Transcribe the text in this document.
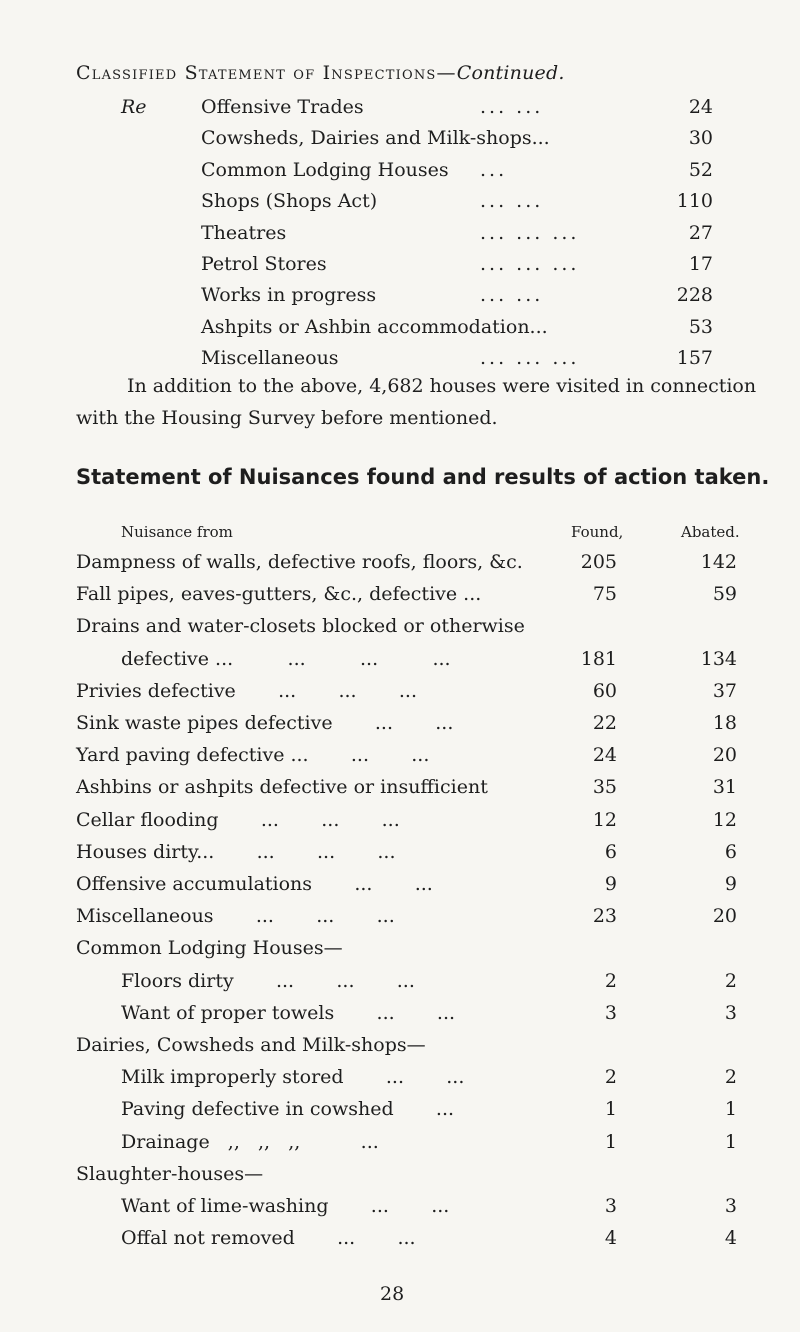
Classified Statement of Inspections—Continued.
Re	Offensive Trades	... ...	24
Cowsheds, Dairies and Milk-shops...	30
Common Lodging Houses ...	52
Shops (Shops Act)	... ...	110
Theatres	... ... ...	27
Petrol Stores	... ... ...	17
Works in progress	... ...	228
Ashpits or Ashbin accommodation...	53
Miscellaneous	... ... ...	157
In addition to the above, 4,682 houses were visited in connection
with the Housing Survey before mentioned.
Statement of Nuisances found and results of action taken.
Nuisance from	Found,	Abated.
Dampness of walls, defective roofs, floors, &c.	205	142
Fall pipes, eaves-gutters, &c., defective ...	75	59
Drains and water-closets blocked or otherwise
defective ...         ...         ...         ...	181	134
Privies defective       ...       ...       ...	60	37
Sink waste pipes defective       ...       ...	22	18
Yard paving defective ...       ...       ...	24	20
Ashbins or ashpits defective or insufficient	35	31
Cellar flooding       ...       ...       ...	12	12
Houses dirty...       ...       ...       ...	6	6
Offensive accumulations       ...       ...	9	9
Miscellaneous       ...       ...       ...	23	20
Common Lodging Houses—
Floors dirty       ...       ...       ...	2	2
Want of proper towels       ...       ...	3	3
Dairies, Cowsheds and Milk-shops—
Milk improperly stored       ...       ...	2	2
Paving defective in cowshed       ...	1	1
Drainage   ,,   ,,   ,,          ...	1	1
Slaughter-houses—
Want of lime-washing       ...       ...	3	3
Offal not removed       ...       ...	4	4
28
